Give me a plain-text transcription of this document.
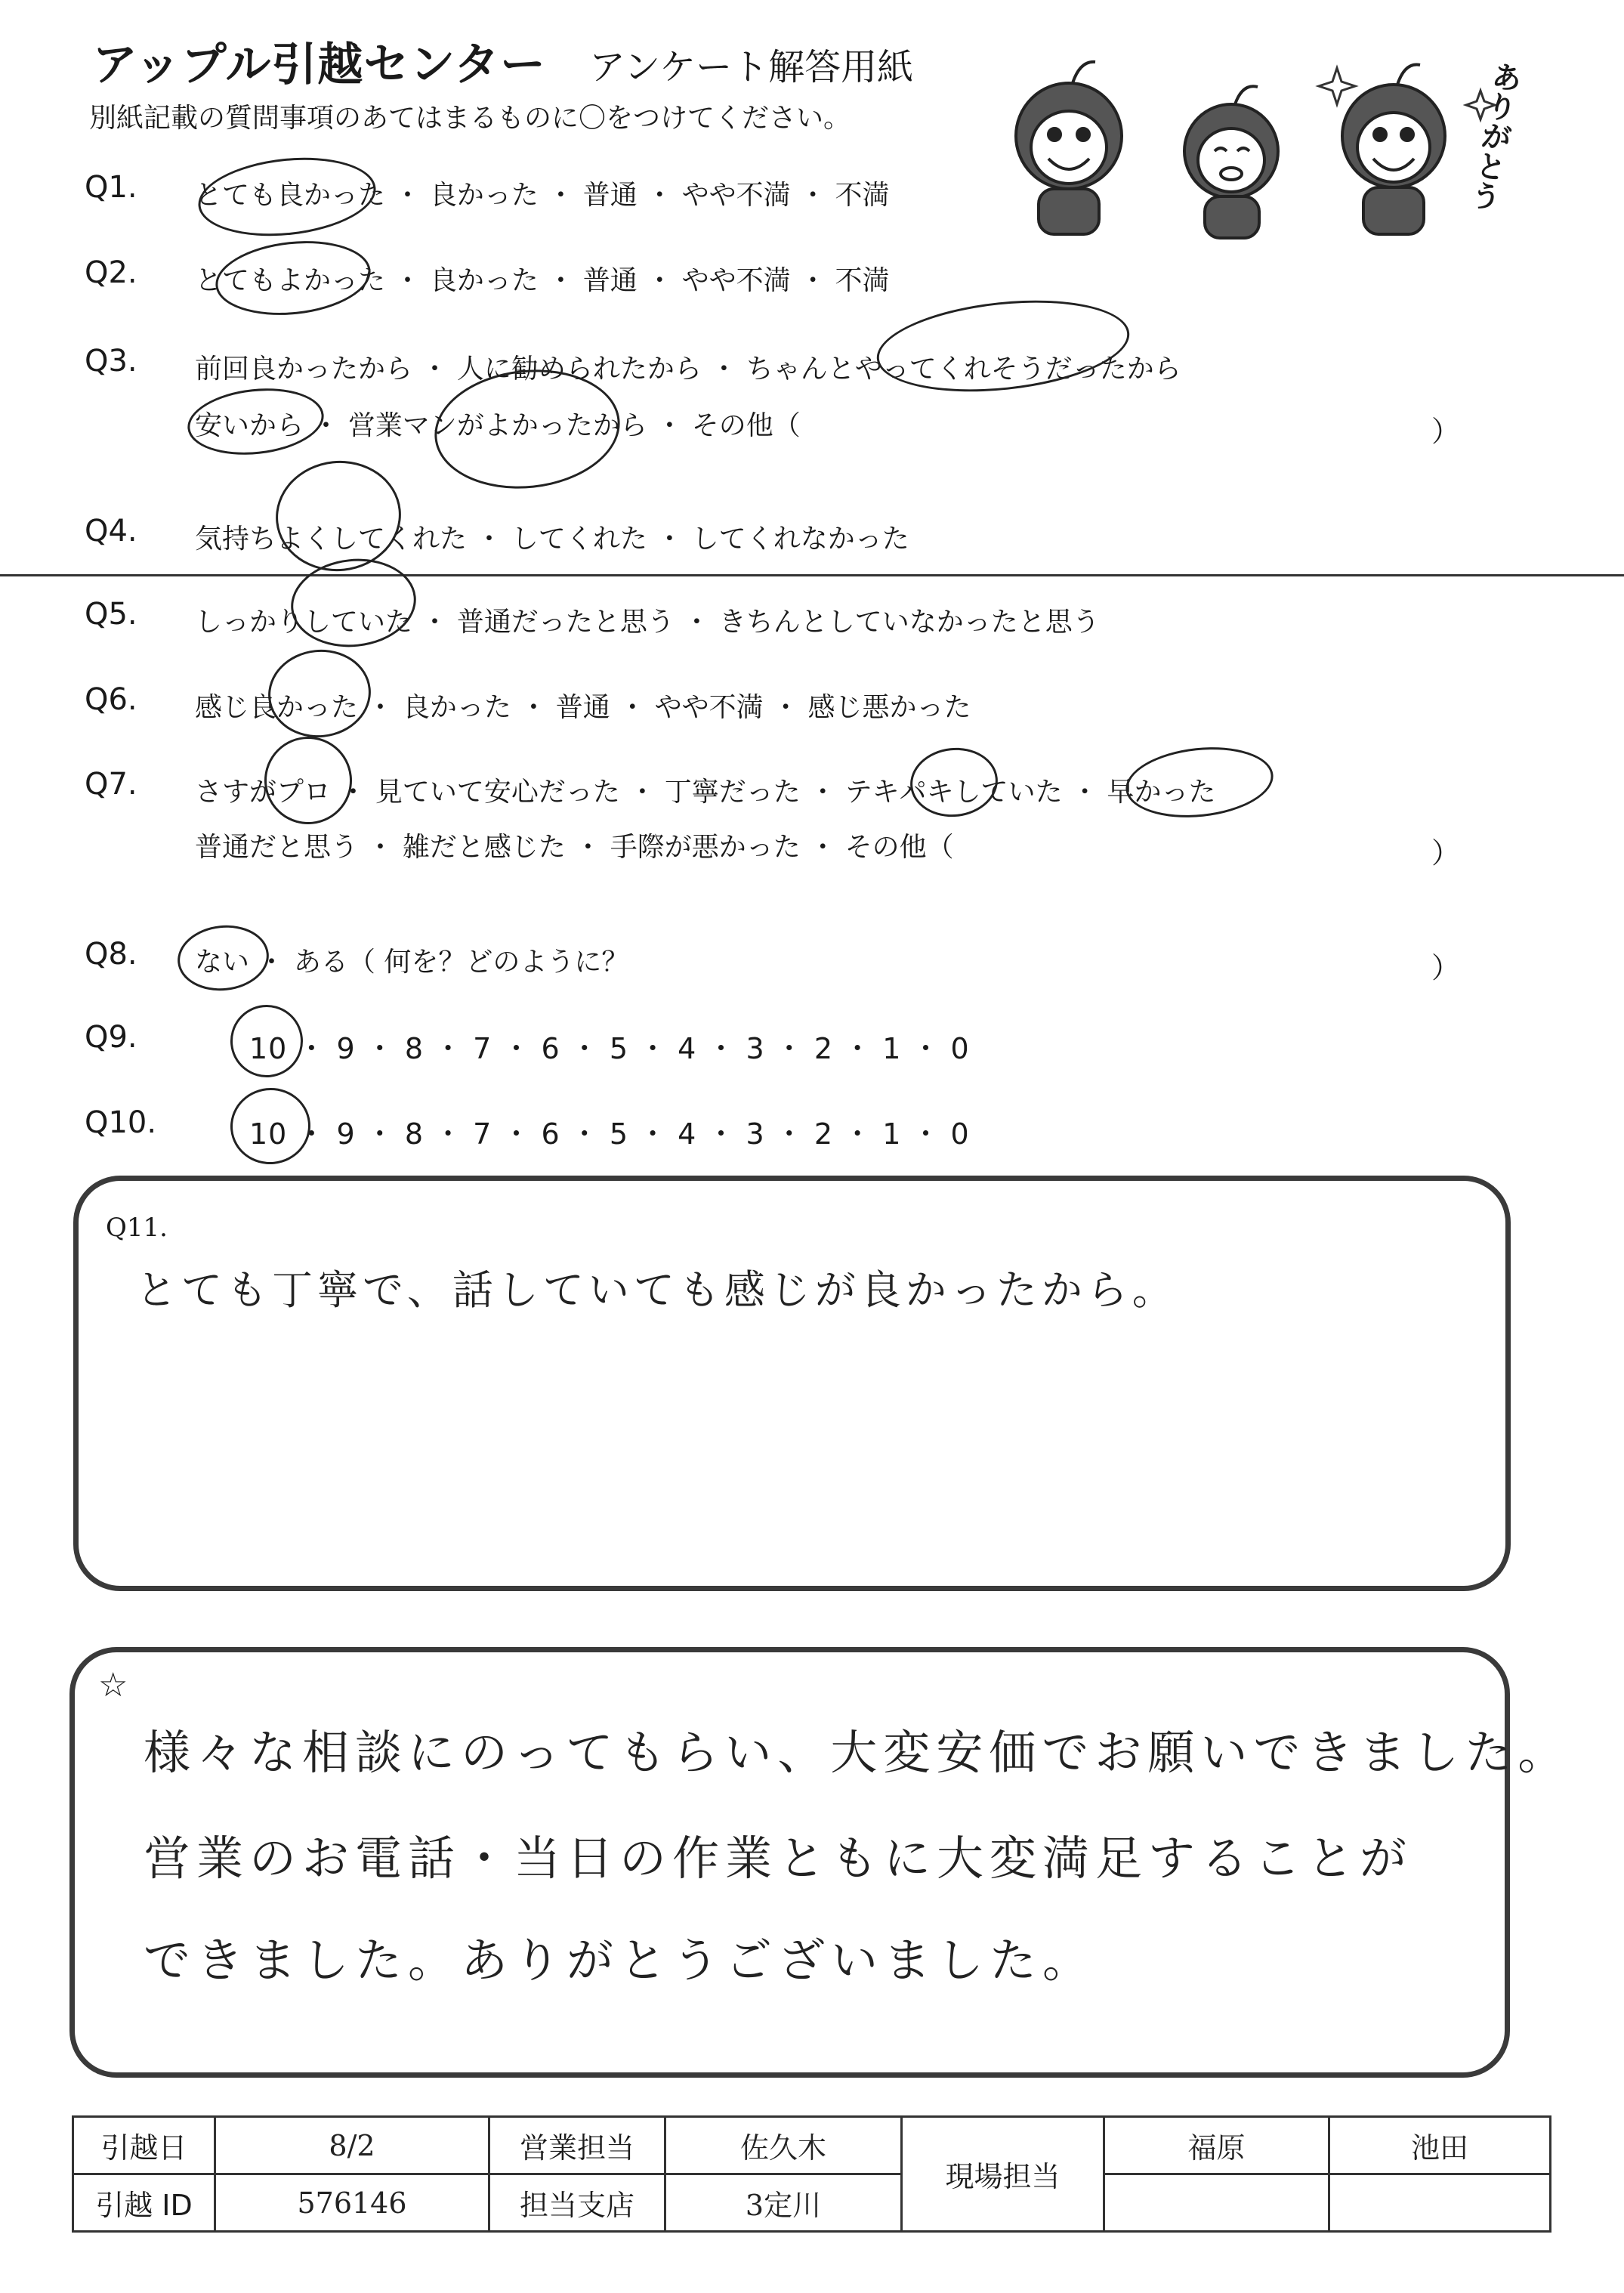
アップル引越センター アンケート解答用紙
別紙記載の質問事項のあてはまるものに〇をつけてください。	ありがとう
Q1. とても良かった ・ 良かった ・ 普通 ・ やや不満 ・ 不満
Q2. とてもよかった ・ 良かった ・ 普通 ・ やや不満 ・ 不満
Q3. 前回良かったから ・ 人に勧められたから ・ ちゃんとやってくれそうだったから
安いから ・ 営業マンがよかったから ・ その他（	）
Q4. 気持ちよくしてくれた ・ してくれた ・ してくれなかった
Q5. しっかりしていた ・ 普通だったと思う ・ きちんとしていなかったと思う
Q6. 感じ良かった ・ 良かった ・ 普通 ・ やや不満 ・ 感じ悪かった
Q7. さすがプロ ・ 見ていて安心だった ・ 丁寧だった ・ テキパキしていた ・ 早かった
普通だと思う ・ 雑だと感じた ・ 手際が悪かった ・ その他（	）
Q8. ない ・ ある（ 何を？どのように？	）
Q9.	10 ・ 9 ・ 8 ・ 7 ・ 6 ・ 5 ・ 4 ・ 3 ・ 2 ・ 1 ・ 0
Q10.	10 ・ 9 ・ 8 ・ 7 ・ 6 ・ 5 ・ 4 ・ 3 ・ 2 ・ 1 ・ 0
Q11.
とても丁寧で、話していても感じが良かったから。
☆
様々な相談にのってもらい、大変安価でお願いできました。
営業のお電話・当日の作業ともに大変満足することが
できました。ありがとうございました。
引越日	8/2	営業担当	佐久木	現場担当	福原	池田
引越 ID	576146	担当支店	3定川			
